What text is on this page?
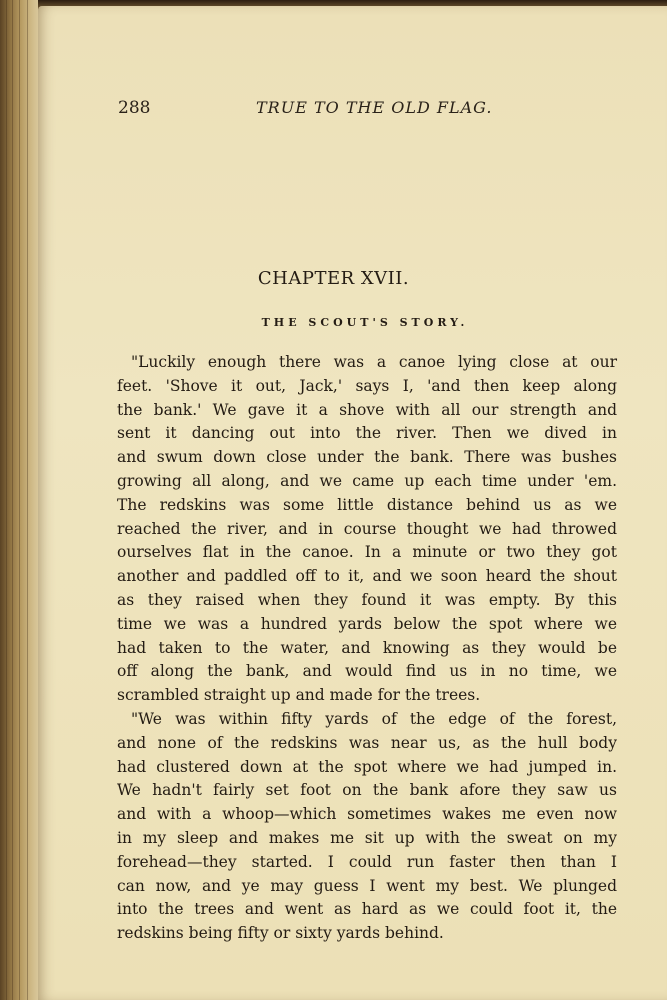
288	TRUE TO THE OLD FLAG.
CHAPTER XVII.
THE SCOUT'S STORY.
"Luckily enough there was a canoe lying close at our
feet. 'Shove it out, Jack,' says I, 'and then keep along
the bank.' We gave it a shove with all our strength and
sent it dancing out into the river. Then we dived in
and swum down close under the bank. There was bushes
growing all along, and we came up each time under 'em.
The redskins was some little distance behind us as we
reached the river, and in course thought we had throwed
ourselves flat in the canoe. In a minute or two they got
another and paddled off to it, and we soon heard the shout
as they raised when they found it was empty. By this
time we was a hundred yards below the spot where we
had taken to the water, and knowing as they would be
off along the bank, and would find us in no time, we
scrambled straight up and made for the trees.
"We was within fifty yards of the edge of the forest,
and none of the redskins was near us, as the hull body
had clustered down at the spot where we had jumped in.
We hadn't fairly set foot on the bank afore they saw us
and with a whoop—which sometimes wakes me even now
in my sleep and makes me sit up with the sweat on my
forehead—they started. I could run faster then than I
can now, and ye may guess I went my best. We plunged
into the trees and went as hard as we could foot it, the
redskins being fifty or sixty yards behind.
